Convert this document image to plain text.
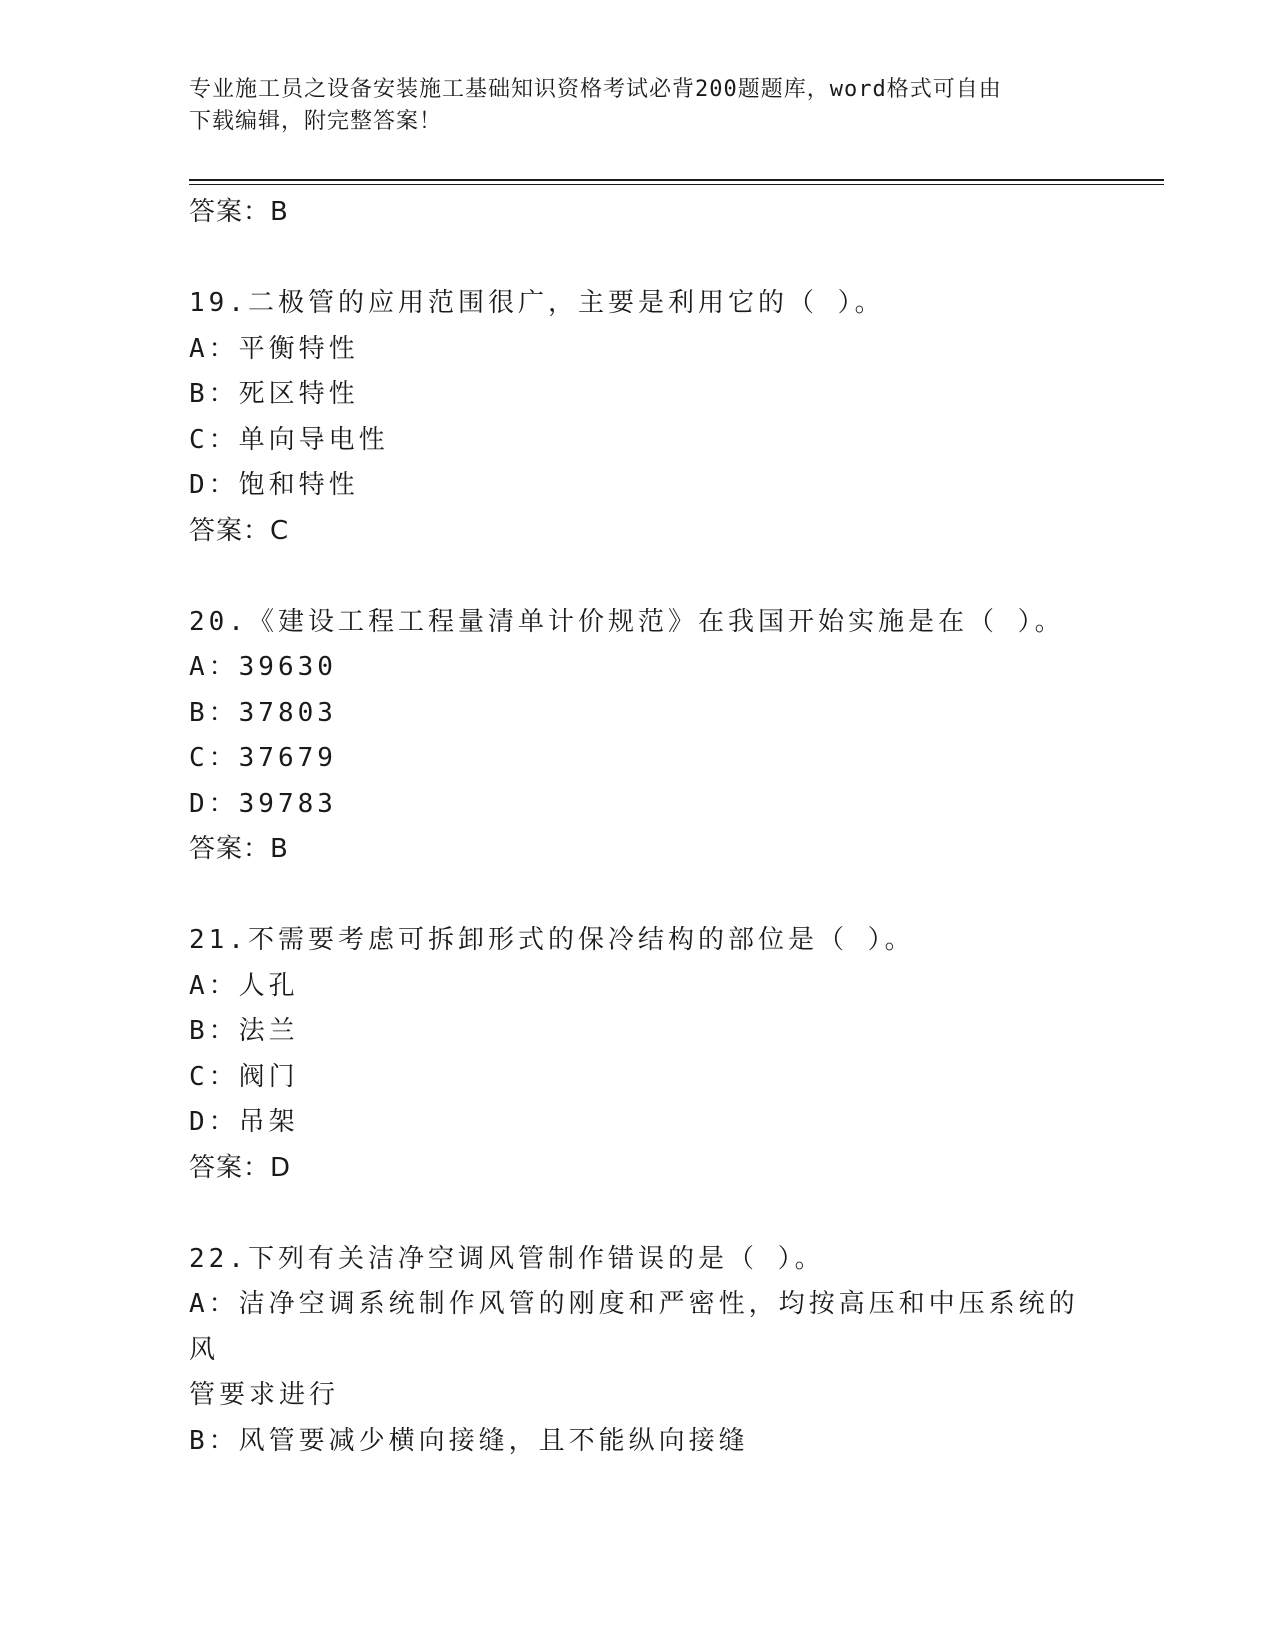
专业施工员之设备安装施工基础知识资格考试必背200题题库，word格式可自由
下载编辑，附完整答案！
答案：B
19.二极管的应用范围很广，主要是利用它的（ ）。
A：平衡特性
B：死区特性
C：单向导电性
D：饱和特性
答案：C
20.《建设工程工程量清单计价规范》在我国开始实施是在（ ）。
A：39630
B：37803
C：37679
D：39783
答案：B
21.不需要考虑可拆卸形式的保冷结构的部位是（ ）。
A：人孔
B：法兰
C：阀门
D：吊架
答案：D
22.下列有关洁净空调风管制作错误的是（ ）。
A：洁净空调系统制作风管的刚度和严密性，均按高压和中压系统的风
管要求进行
B：风管要减少横向接缝，且不能纵向接缝
